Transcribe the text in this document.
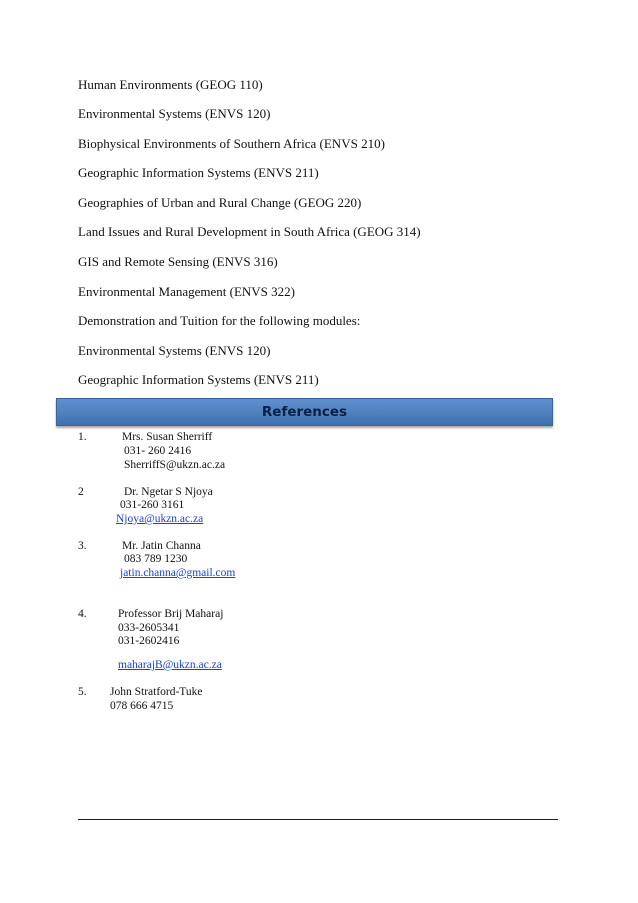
Human Environments (GEOG 110)
Environmental Systems (ENVS 120)
Biophysical Environments of Southern Africa (ENVS 210)
Geographic Information Systems (ENVS 211)
Geographies of Urban and Rural Change (GEOG 220)
Land Issues and Rural Development in South Africa (GEOG 314)
GIS and Remote Sensing (ENVS 316)
Environmental Management (ENVS 322)
Demonstration and Tuition for the following modules:
Environmental Systems (ENVS 120)
Geographic Information Systems (ENVS 211)
References
1.	Mrs. Susan Sherriff
031- 260 2416
SherriffS@ukzn.ac.za
2	Dr. Ngetar S Njoya
031-260 3161
Njoya@ukzn.ac.za
3.	Mr. Jatin Channa
083 789 1230
jatin.channa@gmail.com
4.	Professor Brij Maharaj
033-2605341
031-2602416
maharajB@ukzn.ac.za
5. John Stratford-Tuke
078 666 4715
